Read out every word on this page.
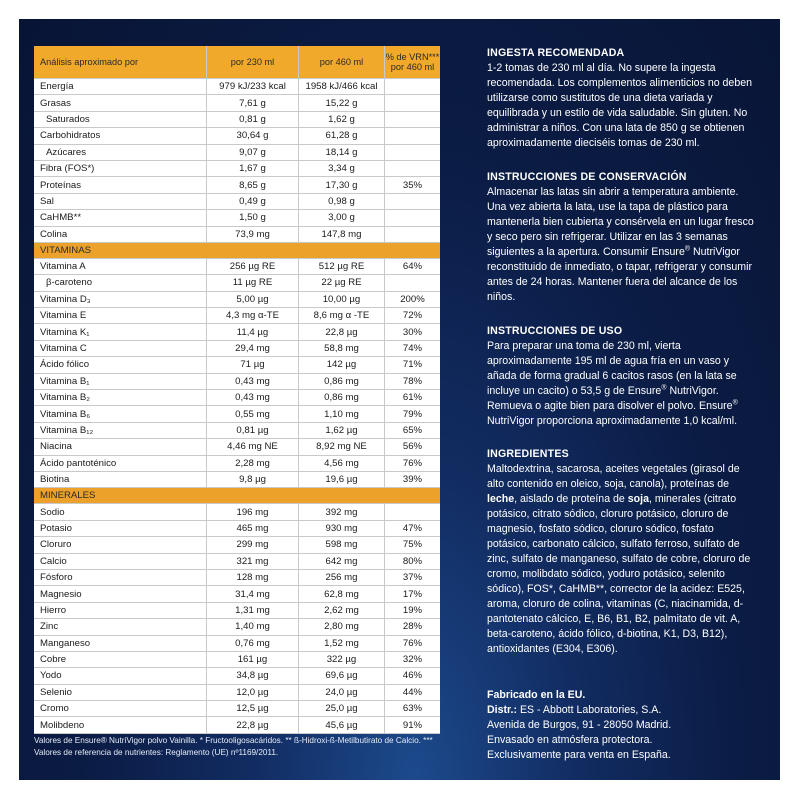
Análisis aproximado por	por 230 ml	por 460 ml	% de VRN***
por 460 ml
Energía	979 kJ/233 kcal	1958 kJ/466 kcal
Grasas	7,61 g	15,22 g
Saturados	0,81 g	1,62 g
Carbohidratos	30,64 g	61,28 g
Azúcares	9,07 g	18,14 g
Fibra (FOS*)	1,67 g	3,34 g
Proteínas	8,65 g	17,30 g	35%
Sal	0,49 g	0,98 g
CaHMB**	1,50 g	3,00 g
Colina	73,9 mg	147,8 mg
VITAMINAS
Vitamina A	256 µg RE	512 µg RE	64%
β-caroteno	11 µg RE	22 µg RE
Vitamina D₃	5,00 µg	10,00 µg	200%
Vitamina E	4,3 mg α-TE	8,6 mg α -TE	72%
Vitamina K₁	11,4 µg	22,8 µg	30%
Vitamina C	29,4 mg	58,8 mg	74%
Ácido fólico	71 µg	142 µg	71%
Vitamina B₁	0,43 mg	0,86 mg	78%
Vitamina B₂	0,43 mg	0,86 mg	61%
Vitamina B₆	0,55 mg	1,10 mg	79%
Vitamina B₁₂	0,81 µg	1,62 µg	65%
Niacina	4,46 mg NE	8,92 mg NE	56%
Ácido pantoténico	2,28 mg	4,56 mg	76%
Biotina	9,8 µg	19,6 µg	39%
MINERALES
Sodio	196 mg	392 mg
Potasio	465 mg	930 mg	47%
Cloruro	299 mg	598 mg	75%
Calcio	321 mg	642 mg	80%
Fósforo	128 mg	256 mg	37%
Magnesio	31,4 mg	62,8 mg	17%
Hierro	1,31 mg	2,62 mg	19%
Zinc	1,40 mg	2,80 mg	28%
Manganeso	0,76 mg	1,52 mg	76%
Cobre	161 µg	322 µg	32%
Yodo	34,8 µg	69,6 µg	46%
Selenio	12,0 µg	24,0 µg	44%
Cromo	12,5 µg	25,0 µg	63%
Molibdeno	22,8 µg	45,6 µg	91%
Valores de Ensure® NutriVigor polvo Vainilla. * Fructooligosacáridos. ** ß-Hidroxi-ß-Metilbutirato de Calcio. *** Valores de referencia de nutrientes: Reglamento (UE) nº1169/2011.
INGESTA RECOMENDADA

1-2 tomas de 230 ml al día. No supere la ingesta recomendada. Los complementos alimenticios no deben utilizarse como sustitutos de una dieta variada y equilibrada y un estilo de vida saludable. Sin gluten. No administrar a niños. Con una lata de 850 g se obtienen aproximadamente dieciséis tomas de 230 ml.

INSTRUCCIONES DE CONSERVACIÓN

Almacenar las latas sin abrir a temperatura ambiente. Una vez abierta la lata, use la tapa de plástico para mantenerla bien cubierta y consérvela en un lugar fresco y seco pero sin refrigerar. Utilizar en las 3 semanas siguientes a la apertura. Consumir Ensure® NutriVigor reconstituido de inmediato, o tapar, refrigerar y consumir antes de 24 horas. Mantener fuera del alcance de los niños.

INSTRUCCIONES DE USO

Para preparar una toma de 230 ml, vierta aproximadamente 195 ml de agua fría en un vaso y añada de forma gradual 6 cacitos rasos (en la lata se incluye un cacito) o 53,5 g de Ensure® NutriVigor. Remueva o agite bien para disolver el polvo. Ensure® NutriVigor proporciona aproximadamente 1,0 kcal/ml.

INGREDIENTES

Maltodextrina, sacarosa, aceites vegetales (girasol de alto contenido en oleico, soja, canola), proteínas de leche, aislado de proteína de soja, minerales (citrato potásico, citrato sódico, cloruro potásico, cloruro de magnesio, fosfato sódico, cloruro sódico, fosfato potásico, carbonato cálcico, sulfato ferroso, sulfato de zinc, sulfato de manganeso, sulfato de cobre, cloruro de cromo, molibdato sódico, yoduro potásico, selenito sódico), FOS*, CaHMB**, corrector de la acidez: E525, aroma, cloruro de colina, vitaminas (C, niacinamida, d-pantotenato cálcico, E, B6, B1, B2, palmitato de vit. A, beta-caroteno, ácido fólico, d-biotina, K1, D3, B12), antioxidantes (E304, E306).

Fabricado en la EU.

Distr.: ES - Abbott Laboratories, S.A.

Avenida de Burgos, 91 - 28050 Madrid.

Envasado en atmósfera protectora.

Exclusivamente para venta en España.
